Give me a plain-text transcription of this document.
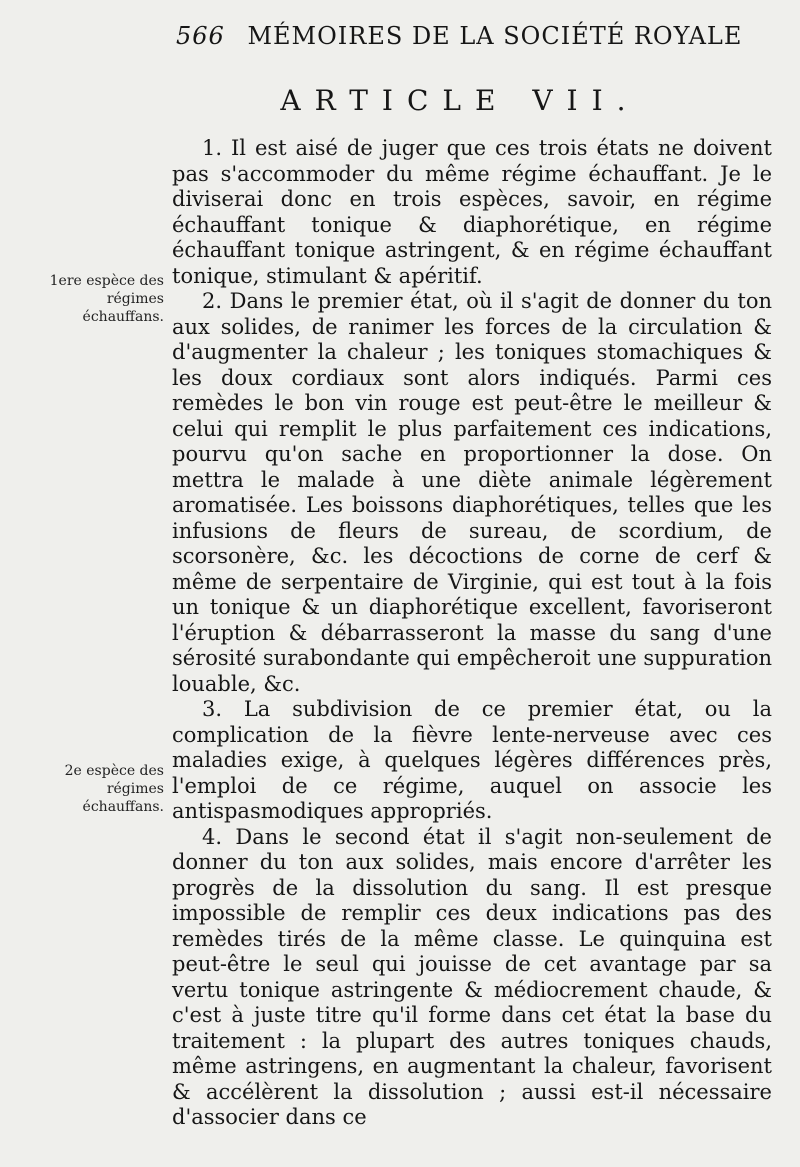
566 MÉMOIRES DE LA SOCIÉTÉ ROYALE
ARTICLE VII.
1ere espèce des régimes échauffans.
2e espèce des régimes échauffans.

1. Il est aisé de juger que ces trois états ne doivent pas s'accommoder du même régime échauffant. Je le diviserai donc en trois espèces, savoir, en régime échauffant tonique & diaphorétique, en régime échauffant tonique astringent, & en régime échauffant tonique, stimulant & apéritif.

2. Dans le premier état, où il s'agit de donner du ton aux solides, de ranimer les forces de la circulation & d'augmenter la chaleur ; les toniques stomachiques & les doux cordiaux sont alors indiqués. Parmi ces remèdes le bon vin rouge est peut-être le meilleur & celui qui remplit le plus parfaitement ces indications, pourvu qu'on sache en proportionner la dose. On mettra le malade à une diète animale légèrement aromatisée. Les boissons diaphorétiques, telles que les infusions de fleurs de sureau, de scordium, de scorsonère, &c. les décoctions de corne de cerf & même de serpentaire de Virginie, qui est tout à la fois un tonique & un diaphorétique excellent, favoriseront l'éruption & débarrasseront la masse du sang d'une sérosité surabondante qui empêcheroit une suppuration louable, &c.

3. La subdivision de ce premier état, ou la complication de la fièvre lente-nerveuse avec ces maladies exige, à quelques légères différences près, l'emploi de ce régime, auquel on associe les antispasmodiques appropriés.

4. Dans le second état il s'agit non-seulement de donner du ton aux solides, mais encore d'arrêter les progrès de la dissolution du sang. Il est presque impossible de remplir ces deux indications pas des remèdes tirés de la même classe. Le quinquina est peut-être le seul qui jouisse de cet avantage par sa vertu tonique astringente & médiocrement chaude, & c'est à juste titre qu'il forme dans cet état la base du traitement : la plupart des autres toniques chauds, même astringens, en augmentant la chaleur, favorisent & accélèrent la dissolution ; aussi est-il nécessaire d'associer dans ce
